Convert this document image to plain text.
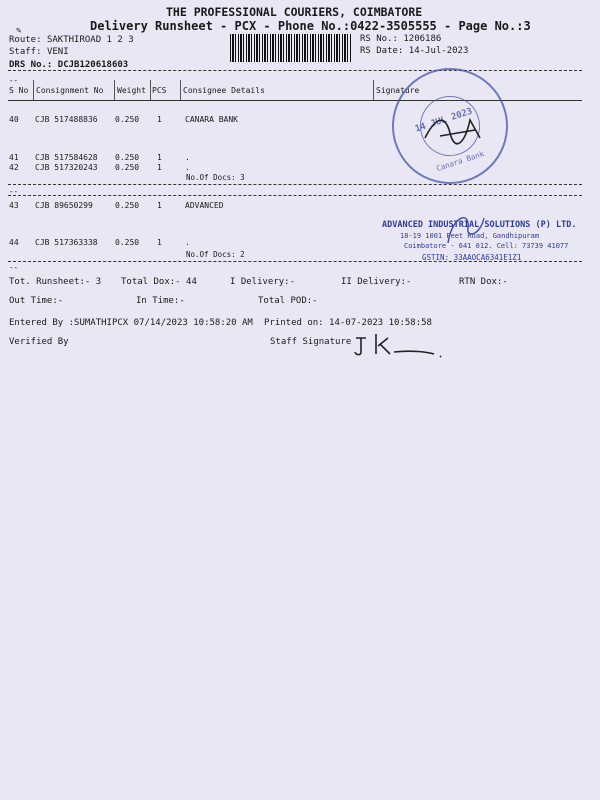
THE PROFESSIONAL COURIERS, COIMBATORE
Delivery Runsheet - PCX - Phone No.:0422-3505555 - Page No.:3
✎
Route: SAKTHIROAD 1 2 3
Staff: VENI
DRS No.: DCJB120618603
RS No.: 1206186
RS Date: 14-Jul-2023
--
S No Consignment No Weight PCS Consignee Details	Signature
40 CJB 517488836 0.250 1	CANARA BANK
41 CJB 517584628 0.250 1	.
42 CJB 517320243 0.250 1	.
No.Of Docs: 3
--
43 CJB 89650299	0.250 1	ADVANCED
44 CJB 517363338 0.250 1	.
No.Of Docs: 2
--
14 JUL 2023
Canara Bank
ADVANCED INDUSTRIAL SOLUTIONS (P) LTD.
18-19 1001 Feet Road, Gandhipuram
Coimbatore - 641 012. Cell: 73739 41077
GSTIN: 33AAOCA6341E1Z1
Tot. Runsheet:- 3 Total Dox:- 44	I Delivery:-	II Delivery:-	RTN Dox:-
Out Time:-	In Time:-	Total POD:-
Entered By :SUMATHIPCX 07/14/2023 10:58:20 AM Printed on: 14-07-2023 10:58:58
Verified By	Staff Signature
